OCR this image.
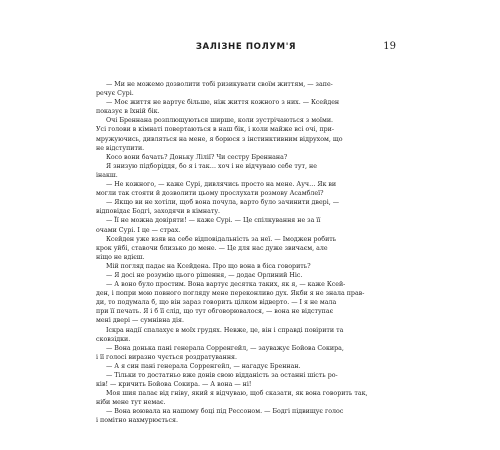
ЗАЛІЗНЕ ПОЛУМ'Я	19
— Ми не можемо дозволити тобі ризикувати своїм життям, — запе-
речує Сурі.
— Моє життя не вартує більше, ніж життя кожного з них. — Ксейден
показує в їхній бік.
Очі Бреннана розплющуються ширше, коли зустрічаються з моїми.
Усі голови в кімнаті повертаються в наш бік, і коли майже всі очі, при-
мружуючись, дивляться на мене, я борюся з інстинктивним відрухом, що
не відступити.
Косо вони бачать? Доньку Лілії? Чи сестру Бреннана?
Я знизую підборіддя, бо я і так… хоч і не відчуваю себе тут, не
інакш.
— Не кожного, — каже Сурі, дивлячись просто на мене. Ауч… Як ви
могли так стояти й дозволити цьому прослухати розмову Асамблеї?
— Якщо ви не хотіли, щоб вона почула, варто було зачинити двері, —
відповідає Бодгі, заходячи в кімнату.
— Її не можна довіряти! — каже Сурі. — Це спілкування не за її
очами Сурі. І це — страх.
Ксейден уже взяв на себе відповідальність за неї. — Імоджен робить
крок уйбі, ставочи близько до мене. — Це для нас дуже звичаєм, але
ніщо не вдієш.
Мій погляд падає на Ксейдена. Про що вона в біса говорить?
— Я досі не розумію цього рішення, — додає Орлиний Ніс.
— А воно було простим. Вона вартує десятка таких, як я, — каже Ксей-
ден, і попри мою повного погляду мене переконливо дух. Якби я не знала прав-
ди, то подумала б, що він зараз говорить цілком відверто. — І я не мала
при її печать. Я і б її слід, що тут обговорювалося, — вона не відступає
мені двері — сумнівна дія.
Іскра надії спалахує в моїх грудях. Невже, це, він і справді повірити та
сковзідки.
— Вона донька пані генерала Сорренгейл, — зауважує Бойова Сокира,
і її голосі виразно чується роздратування.
— А я син пані генерала Сорренгейл, — нагадує Бреннан.
— Тільки то достатньо вже донів свою відданість за останні шість ро-
ків! — кричить Бойова Сокира. — А вона — ні!
Моя шия палає від гніву, який я відчуваю, щоб сказати, як вона говорить так,
ніби мене тут немає.
— Вона воювала на нашому боці під Рессоном. — Бодгі підвищує голос
і помітно нахмурюється.
